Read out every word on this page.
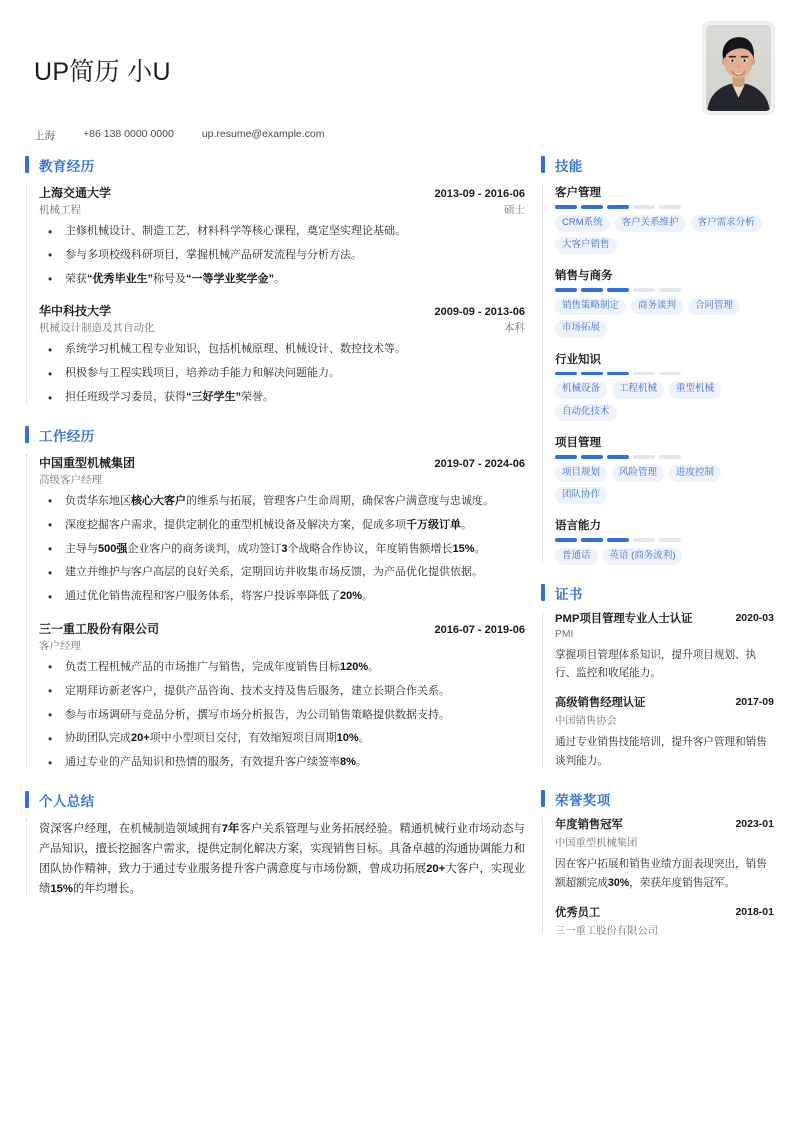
UP简历 小U
上海	+86 138 0000 0000	up.resume@example.com
教育经历
上海交通大学	2013-09 - 2016-06
机械工程	硕士
• 主修机械设计、制造工艺、材料科学等核心课程，奠定坚实理论基础。
• 参与多项校级科研项目，掌握机械产品研发流程与分析方法。
• 荣获“优秀毕业生”称号及“一等学业奖学金”。
华中科技大学	2009-09 - 2013-06
机械设计制造及其自动化	本科
• 系统学习机械工程专业知识，包括机械原理、机械设计、数控技术等。
• 积极参与工程实践项目，培养动手能力和解决问题能力。
• 担任班级学习委员，获得“三好学生”荣誉。
工作经历
中国重型机械集团	2019-07 - 2024-06
高级客户经理
• 负责华东地区核心大客户的维系与拓展，管理客户生命周期，确保客户满意度与忠诚度。
• 深度挖掘客户需求，提供定制化的重型机械设备及解决方案，促成多项千万级订单。
• 主导与500强企业客户的商务谈判，成功签订3个战略合作协议，年度销售额增长15%。
• 建立并维护与客户高层的良好关系，定期回访并收集市场反馈，为产品优化提供依据。
• 通过优化销售流程和客户服务体系，将客户投诉率降低了20%。
三一重工股份有限公司	2016-07 - 2019-06
客户经理
• 负责工程机械产品的市场推广与销售，完成年度销售目标120%。
• 定期拜访新老客户，提供产品咨询、技术支持及售后服务，建立长期合作关系。
• 参与市场调研与竞品分析，撰写市场分析报告，为公司销售策略提供数据支持。
• 协助团队完成20+项中小型项目交付，有效缩短项目周期10%。
• 通过专业的产品知识和热情的服务，有效提升客户续签率8%。
个人总结
资深客户经理，在机械制造领域拥有7年客户关系管理与业务拓展经验。精通机械行业市场动态与产品知识，擅长挖掘客户需求，提供定制化解决方案，实现销售目标。具备卓越的沟通协调能力和团队协作精神，致力于通过专业服务提升客户满意度与市场份额，曾成功拓展20+大客户，实现业绩15%的年均增长。
技能
客户管理
CRM系统	客户关系维护	客户需求分析
大客户销售
销售与商务
销售策略制定	商务谈判	合同管理
市场拓展
行业知识
机械设备	工程机械	重型机械
自动化技术
项目管理
项目规划	风险管理	进度控制
团队协作
语言能力
普通话	英语 (商务流利)
证书
PMP项目管理专业人士认证	2020-03
PMI
掌握项目管理体系知识，提升项目规划、执行、监控和收尾能力。
高级销售经理认证	2017-09
中国销售协会
通过专业销售技能培训，提升客户管理和销售谈判能力。
荣誉奖项
年度销售冠军	2023-01
中国重型机械集团
因在客户拓展和销售业绩方面表现突出，销售额超额完成30%，荣获年度销售冠军。
优秀员工	2018-01
三一重工股份有限公司
